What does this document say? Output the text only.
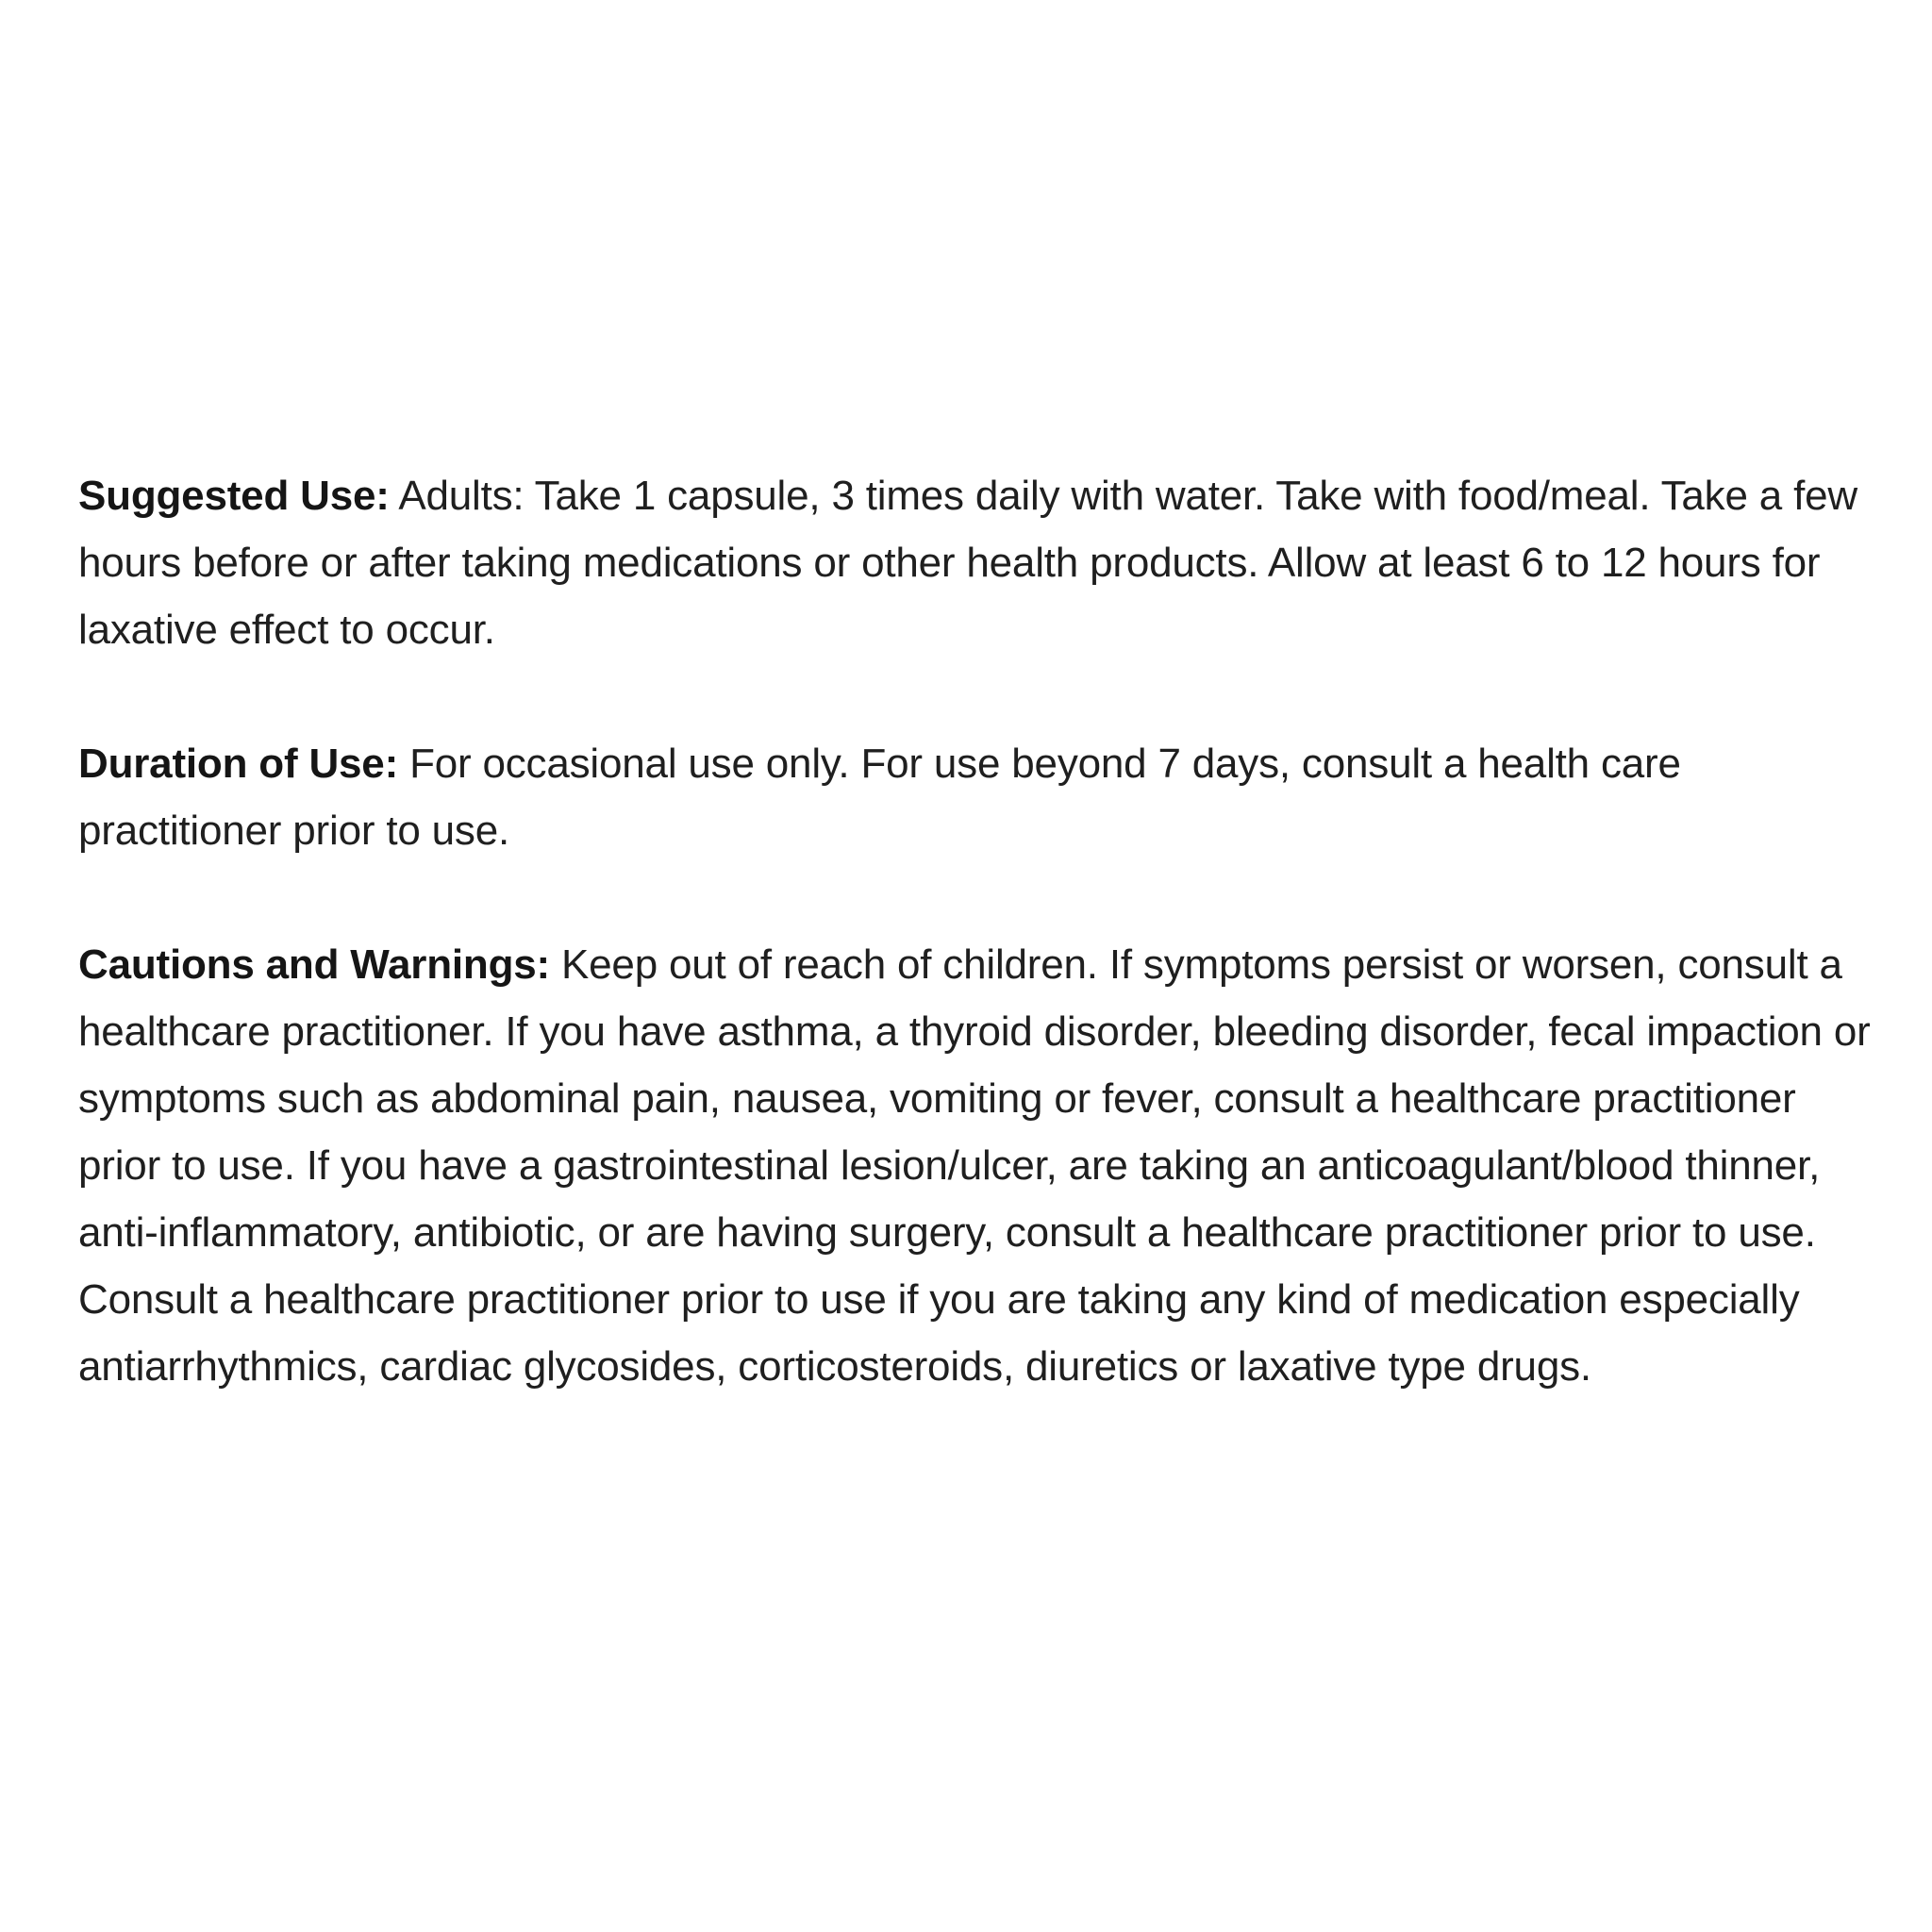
Suggested Use: Adults: Take 1 capsule, 3 times daily with water. Take with food/meal. Take a few hours before or after taking medications or other health products. Allow at least 6 to 12 hours for laxative effect to occur.

Duration of Use: For occasional use only. For use beyond 7 days, consult a health care practitioner prior to use.

Cautions and Warnings: Keep out of reach of children. If symptoms persist or worsen, consult a healthcare practitioner. If you have asthma, a thyroid disorder, bleeding disorder, fecal impaction or symptoms such as abdominal pain, nausea, vomiting or fever, consult a healthcare practitioner prior to use. If you have a gastrointestinal lesion/ulcer, are taking an anticoagulant/blood thinner, anti-inflammatory, antibiotic, or are having surgery, consult a healthcare practitioner prior to use. Consult a healthcare practitioner prior to use if you are taking any kind of medication especially antiarrhythmics, cardiac glycosides, corticosteroids, diuretics or laxative type drugs.
